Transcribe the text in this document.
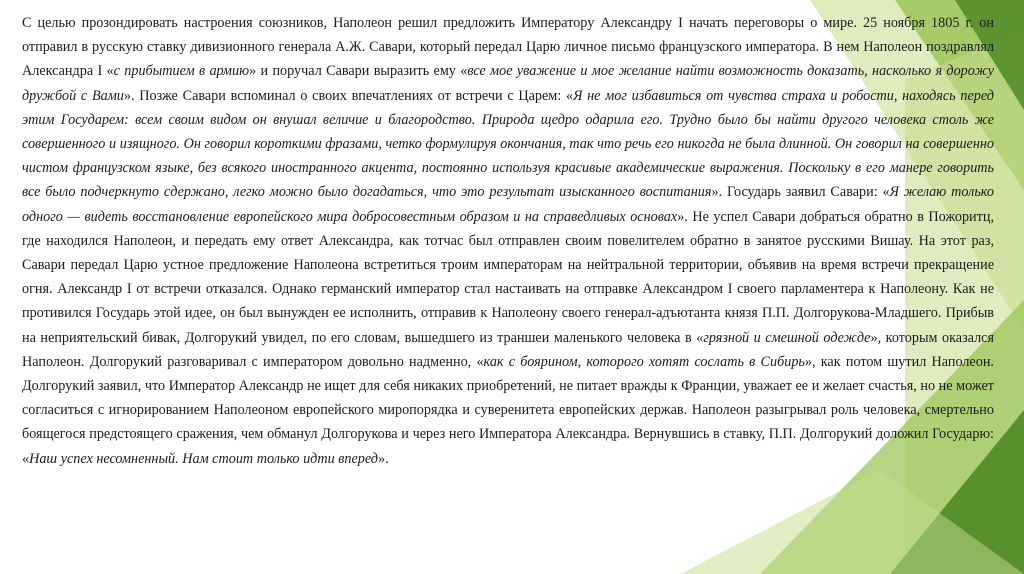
С целью прозондировать настроения союзников, Наполеон решил предложить Императору Александру I начать переговоры о мире. 25 ноября 1805 г. он отправил в русскую ставку дивизионного генерала А.Ж. Савари, который передал Царю личное письмо французского императора. В нем Наполеон поздравлял Александра I «с прибытием в армию» и поручал Савари выразить ему «все мое уважение и мое желание найти возможность доказать, насколько я дорожу дружбой с Вами». Позже Савари вспоминал о своих впечатлениях от встречи с Царем: «Я не мог избавиться от чувства страха и робости, находясь перед этим Государем: всем своим видом он внушал величие и благородство. Природа щедро одарила его. Трудно было бы найти другого человека столь же совершенного и изящного. Он говорил короткими фразами, четко формулируя окончания, так что речь его никогда не была длинной. Он говорил на совершенно чистом французском языке, без всякого иностранного акцента, постоянно используя красивые академические выражения. Поскольку в его манере говорить все было подчеркнуто сдержано, легко можно было догадаться, что это результат изысканного воспитания». Государь заявил Савари: «Я желаю только одного — видеть восстановление европейского мира добросовестным образом и на справедливых основах». Не успел Савари добраться обратно в Пожоритц, где находился Наполеон, и передать ему ответ Александра, как тотчас был отправлен своим повелителем обратно в занятое русскими Вишау. На этот раз, Савари передал Царю устное предложение Наполеона встретиться троим императорам на нейтральной территории, объявив на время встречи прекращение огня. Александр I от встречи отказался. Однако германский император стал настаивать на отправке Александром I своего парламентера к Наполеону. Как не противился Государь этой идее, он был вынужден ее исполнить, отправив к Наполеону своего генерал-адъютанта князя П.П. Долгорукова-Младшего. Прибыв на неприятельский бивак, Долгорукий увидел, по его словам, вышедшего из траншеи маленького человека в «грязной и смешной одежде», которым оказался Наполеон. Долгорукий разговаривал с императором довольно надменно, «как с боярином, которого хотят сослать в Сибирь», как потом шутил Наполеон. Долгорукий заявил, что Император Александр не ищет для себя никаких приобретений, не питает вражды к Франции, уважает ее и желает счастья, но не может согласиться с игнорированием Наполеоном европейского миропорядка и суверенитета европейских держав. Наполеон разыгрывал роль человека, смертельно боящегося предстоящего сражения, чем обманул Долгорукова и через него Императора Александра. Вернувшись в ставку, П.П. Долгорукий доложил Государю: «Наш успех несомненный. Нам стоит только идти вперед».
